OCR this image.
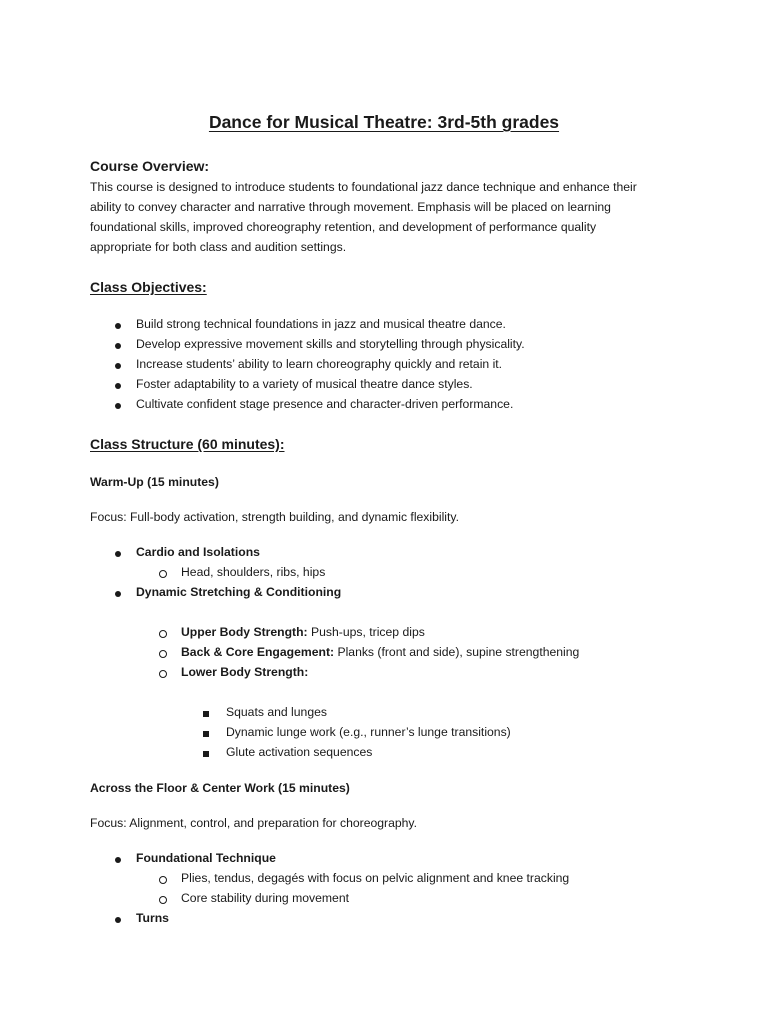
Dance for Musical Theatre: 3rd-5th grades
Course Overview:
This course is designed to introduce students to foundational jazz dance technique and enhance their
ability to convey character and narrative through movement. Emphasis will be placed on learning
foundational skills, improved choreography retention, and development of performance quality
appropriate for both class and audition settings.
Class Objectives:
Build strong technical foundations in jazz and musical theatre dance.
Develop expressive movement skills and storytelling through physicality.
Increase students’ ability to learn choreography quickly and retain it.
Foster adaptability to a variety of musical theatre dance styles.
Cultivate confident stage presence and character-driven performance.
Class Structure (60 minutes):
Warm-Up (15 minutes)
Focus: Full-body activation, strength building, and dynamic flexibility.
Cardio and Isolations
Head, shoulders, ribs, hips
Dynamic Stretching & Conditioning
Upper Body Strength: Push-ups, tricep dips
Back & Core Engagement: Planks (front and side), supine strengthening
Lower Body Strength:
Squats and lunges
Dynamic lunge work (e.g., runner’s lunge transitions)
Glute activation sequences
Across the Floor & Center Work (15 minutes)
Focus: Alignment, control, and preparation for choreography.
Foundational Technique
Plies, tendus, degagés with focus on pelvic alignment and knee tracking
Core stability during movement
Turns
